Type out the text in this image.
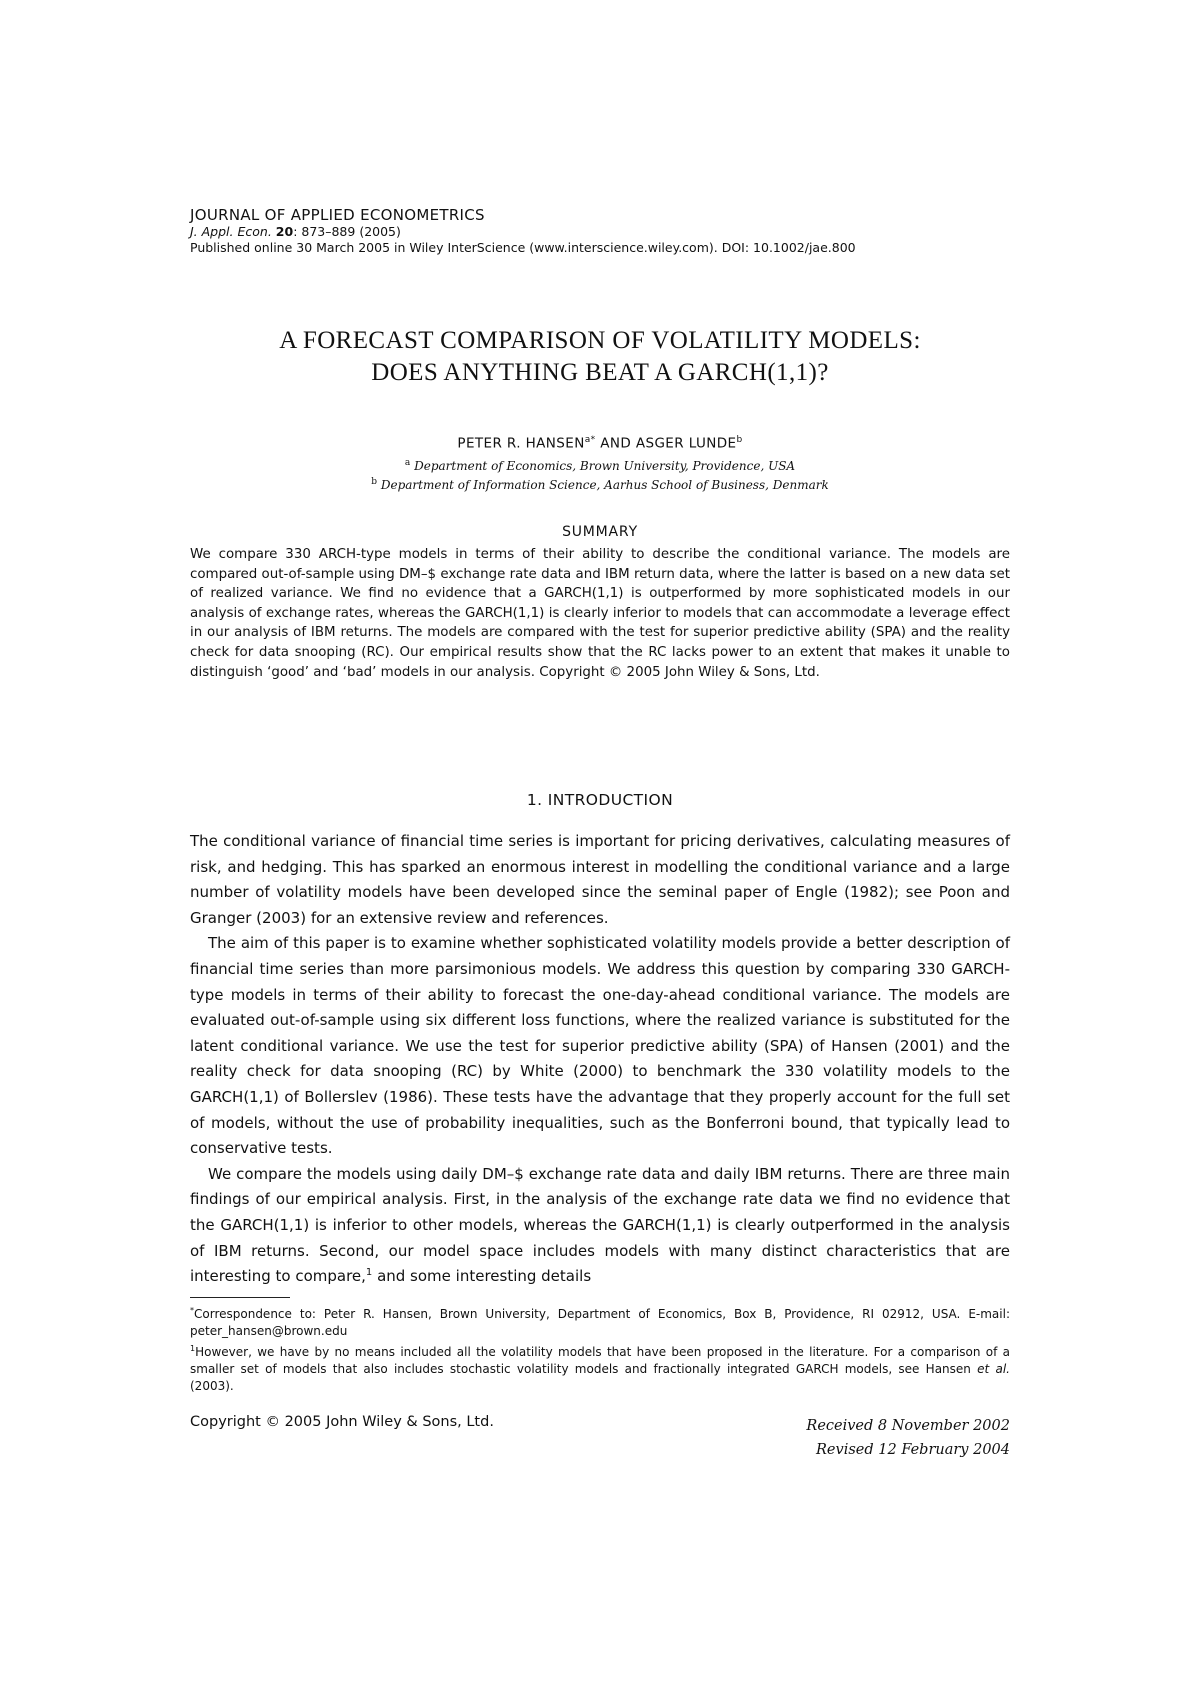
JOURNAL OF APPLIED ECONOMETRICS
J. Appl. Econ. 20: 873–889 (2005)
Published online 30 March 2005 in Wiley InterScience (www.interscience.wiley.com). DOI: 10.1002/jae.800
A FORECAST COMPARISON OF VOLATILITY MODELS:
DOES ANYTHING BEAT A GARCH(1,1)?
PETER R. $HANSEN^{a*}$ AND ASGER LUNDE$^b$
$^a$ Department of Economics, Brown University, Providence, USA
$^b$ Department of Information Science, Aarhus School of Business, Denmark
SUMMARY
We compare 330 ARCH-type models in terms of their ability to describe the conditional variance. The models are compared out-of-sample using DM–$ exchange rate data and IBM return data, where the latter is based on a new data set of realized variance. We find no evidence that a GARCH(1,1) is outperformed by more sophisticated models in our analysis of exchange rates, whereas the GARCH(1,1) is clearly inferior to models that can accommodate a leverage effect in our analysis of IBM returns. The models are compared with the test for superior predictive ability (SPA) and the reality check for data snooping (RC). Our empirical results show that the RC lacks power to an extent that makes it unable to distinguish ‘good’ and ‘bad’ models in our analysis. Copyright © 2005 John Wiley & Sons, Ltd.
1. INTRODUCTION

The conditional variance of financial time series is important for pricing derivatives, calculating measures of risk, and hedging. This has sparked an enormous interest in modelling the conditional variance and a large number of volatility models have been developed since the seminal paper of Engle (1982); see Poon and Granger (2003) for an extensive review and references.

The aim of this paper is to examine whether sophisticated volatility models provide a better description of financial time series than more parsimonious models. We address this question by comparing 330 GARCH-type models in terms of their ability to forecast the one-day-ahead conditional variance. The models are evaluated out-of-sample using six different loss functions, where the realized variance is substituted for the latent conditional variance. We use the test for superior predictive ability (SPA) of Hansen (2001) and the reality check for data snooping (RC) by White (2000) to benchmark the 330 volatility models to the GARCH(1,1) of Bollerslev (1986). These tests have the advantage that they properly account for the full set of models, without the use of probability inequalities, such as the Bonferroni bound, that typically lead to conservative tests.

We compare the models using daily DM–$ exchange rate data and daily IBM returns. There are three main findings of our empirical analysis. First, in the analysis of the exchange rate data we find no evidence that the GARCH(1,1) is inferior to other models, whereas the GARCH(1,1) is clearly outperformed in the analysis of IBM returns. Second, our model space includes models with many distinct characteristics that are interesting to compare,$^1$ and some interesting details

*Correspondence to: Peter R. Hansen, Brown University, Department of Economics, Box B, Providence, RI 02912, USA. E-mail: peter_hansen@brown.edu

$^1$However, we have by no means included all the volatility models that have been proposed in the literature. For a comparison of a smaller set of models that also includes stochastic volatility models and fractionally integrated GARCH models, see Hansen et al. (2003).

Copyright © 2005 John Wiley & Sons, Ltd.	Received 8 November 2002
Revised 12 February 2004
